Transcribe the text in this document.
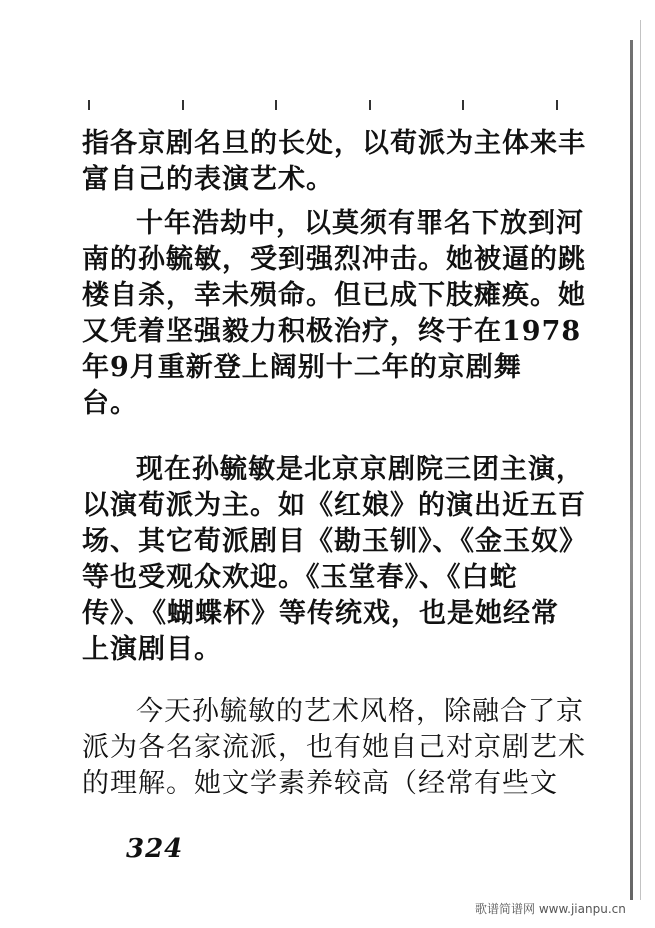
指各京剧名旦的长处，以荀派为主体来丰
富自己的表演艺术。
十年浩劫中，以莫须有罪名下放到河
南的孙毓敏，受到强烈冲击。她被逼的跳
楼自杀，幸未殒命。但已成下肢瘫痪。她
又凭着坚强毅力积极治疗，终于在1978
年9月重新登上阔别十二年的京剧舞
台。
现在孙毓敏是北京京剧院三团主演，
以演荀派为主。如《红娘》的演出近五百
场、其它荀派剧目《勘玉钏》、《金玉奴》
等也受观众欢迎。《玉堂春》、《白蛇
传》、《蝴蝶杯》等传统戏，也是她经常
上演剧目。
今天孙毓敏的艺术风格，除融合了京
派为各名家流派，也有她自己对京剧艺术
的理解。她文学素养较高（经常有些文
324
歌谱简谱网 www.jianpu.cn
